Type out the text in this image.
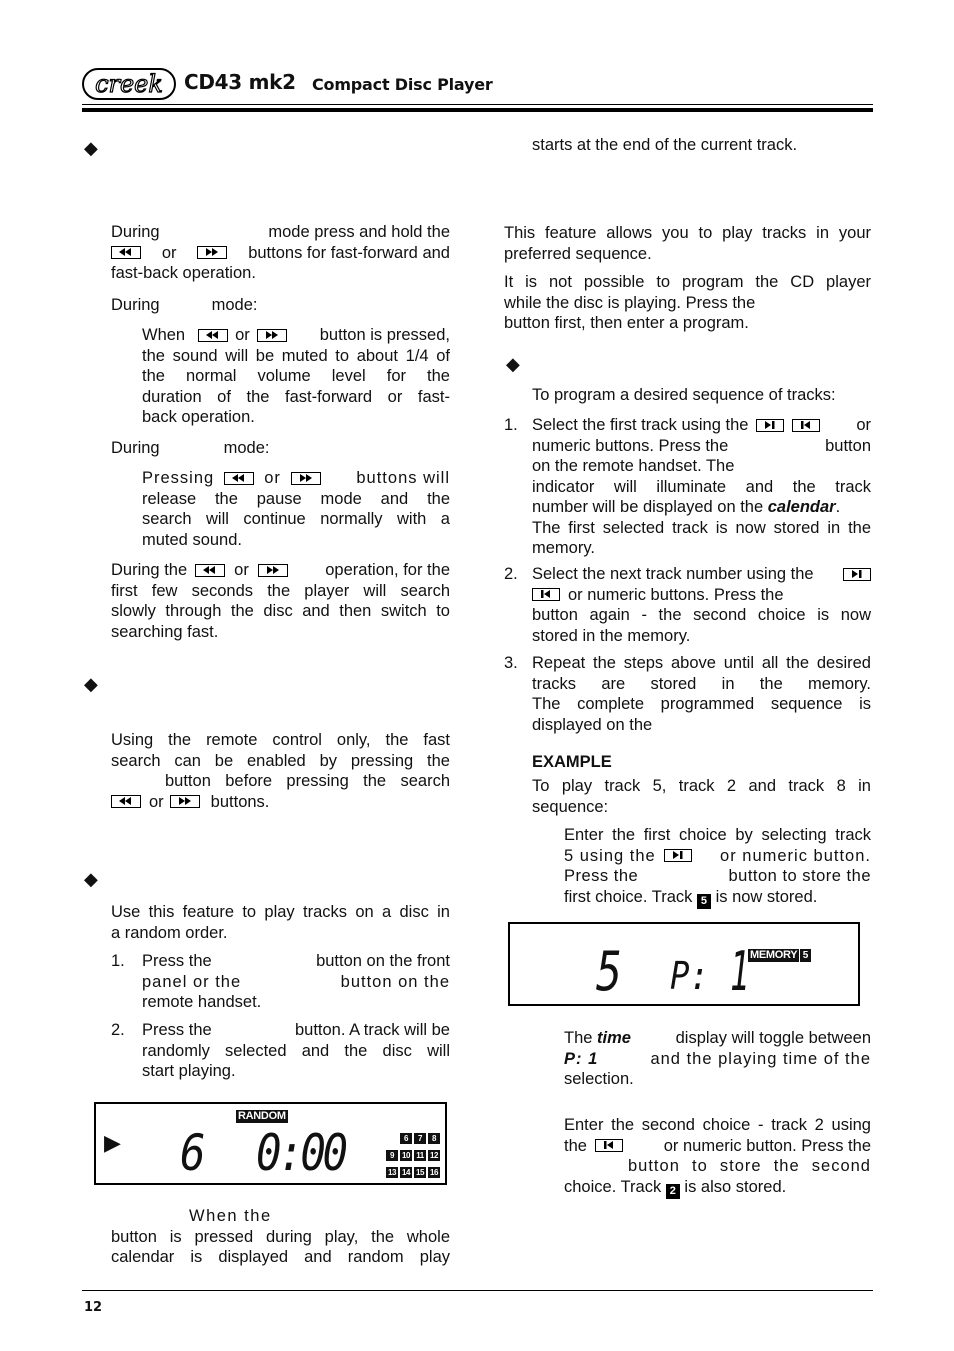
creek CD43 mk2 Compact Disc Player
◆
During	mode press and hold the
or	buttons for fast-forward and
fast-back operation.
During	mode:
When	or	button is pressed,
the sound will be muted to about 1/4 of
the normal volume level for the
duration of the fast-forward or fast-
back operation.
During	mode:
Pressing	or	buttons will
release the pause mode and the
search will continue normally with a
muted sound.
During the	or	operation, for the
first few seconds the player will search
slowly through the disc and then switch to
searching fast.
◆
Using the remote control only, the fast
search can be enabled by pressing the
button before pressing the search
or	buttons.
◆
Use this feature to play tracks on a disc in
a random order.
1. Press the	button on the front
panel or the	button on the
remote handset.
2. Press the	button. A track will be
randomly selected and the disc will
start playing.
▶
RANDOM
6 0:00	6 7 8
9 10 11 12
13 14 15 16
When the
button is pressed during play, the whole
calendar is displayed and random play
starts at the end of the current track.
This feature allows you to play tracks in your
preferred sequence.
It is not possible to program the CD player
while the disc is playing. Press the
button first, then enter a program.
◆
To program a desired sequence of tracks:
1. Select the first track using the	or
numeric buttons. Press the	button
on the remote handset. The
indicator will illuminate and the track
number will be displayed on the calendar.
The first selected track is now stored in the
memory.
2. Select the next track number using the
or numeric buttons. Press the
button again - the second choice is now
stored in the memory.
3. Repeat the steps above until all the desired
tracks are stored in the memory.
The complete programmed sequence is
displayed on the
EXAMPLE
To play track 5, track 2 and track 8 in
sequence:
Enter the first choice by selecting track
5 using the	or numeric button.
Press the	button to store the
first choice. Track 5 is now stored.
MEMORY 5
5 P: 1
The time	display will toggle between
P: 1	and the playing time of the
selection.
Enter the second choice - track 2 using
the	or numeric button. Press the
button to store the second
choice. Track 2 is also stored.
12
